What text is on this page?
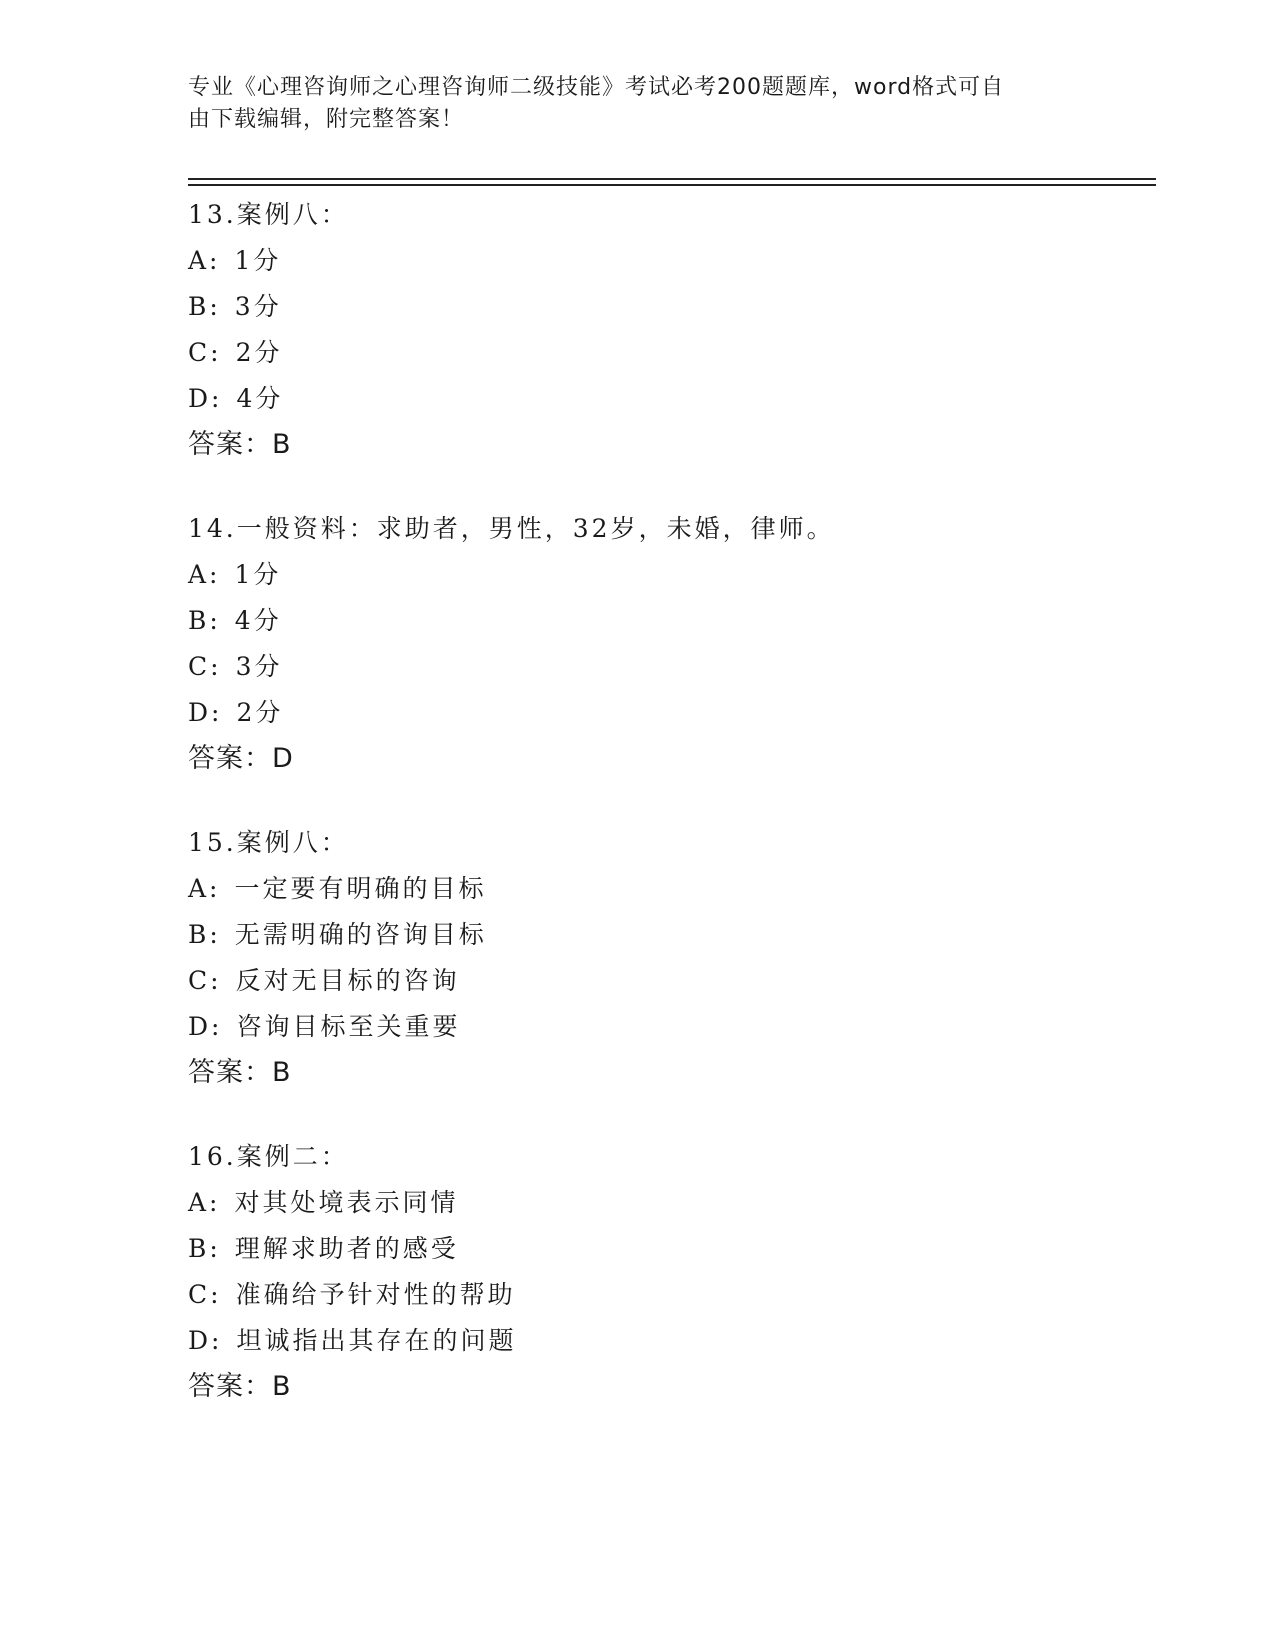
专业《心理咨询师之心理咨询师二级技能》考试必考200题题库，word格式可自
由下载编辑，附完整答案！
13.案例八：
A: 1分
B: 3分
C: 2分
D: 4分
答案：B
14.一般资料：求助者，男性，32岁，未婚，律师。
A: 1分
B: 4分
C: 3分
D: 2分
答案：D
15.案例八：
A: 一定要有明确的目标
B: 无需明确的咨询目标
C: 反对无目标的咨询
D: 咨询目标至关重要
答案：B
16.案例二：
A: 对其处境表示同情
B: 理解求助者的感受
C: 准确给予针对性的帮助
D: 坦诚指出其存在的问题
答案：B
